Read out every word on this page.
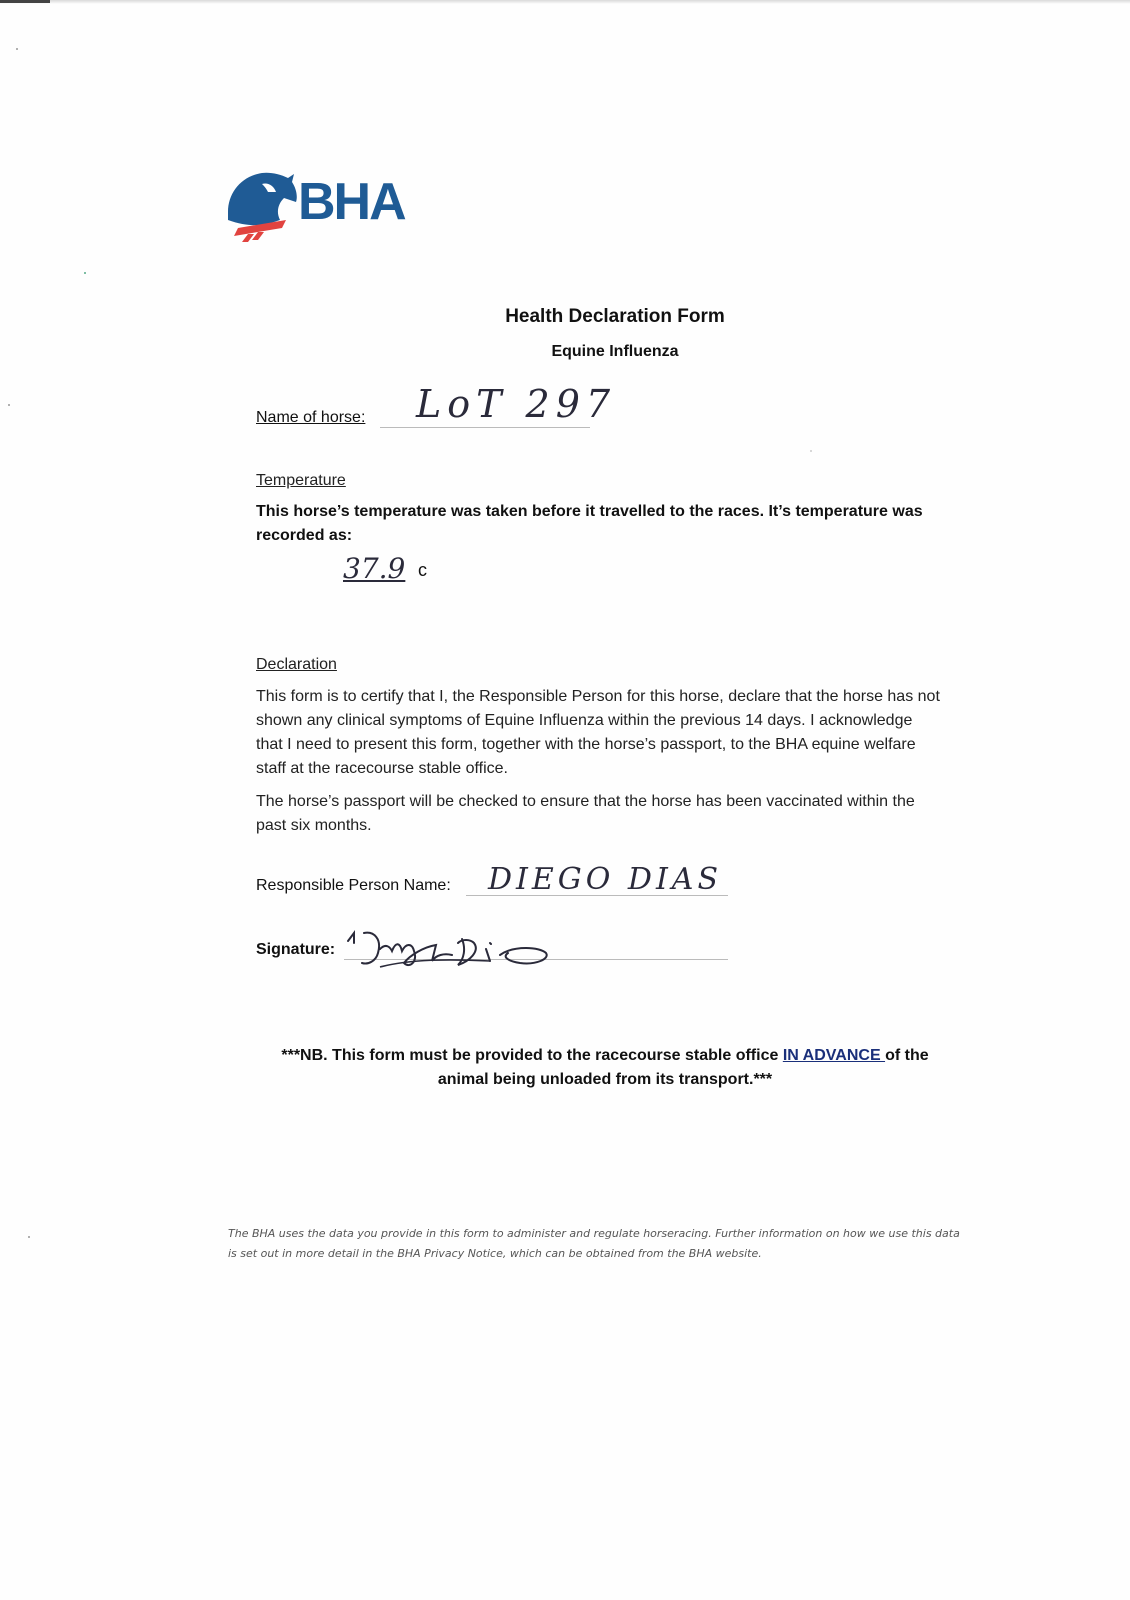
BHA
Health Declaration Form
Equine Influenza
Name of horse: LoT 297
Temperature
This horse’s temperature was taken before it travelled to the races. It’s temperature was recorded as:
37.9 c
Declaration
This form is to certify that I, the Responsible Person for this horse, declare that the horse has not shown any clinical symptoms of Equine Influenza within the previous 14 days. I acknowledge that I need to present this form, together with the horse’s passport, to the BHA equine welfare staff at the racecourse stable office.
The horse’s passport will be checked to ensure that the horse has been vaccinated within the past six months.
Responsible Person Name: DIEGO DIAS
Signature:
***NB. This form must be provided to the racecourse stable office IN ADVANCE of the animal being unloaded from its transport.***
The BHA uses the data you provide in this form to administer and regulate horseracing. Further information on how we use this data is set out in more detail in the BHA Privacy Notice, which can be obtained from the BHA website.
